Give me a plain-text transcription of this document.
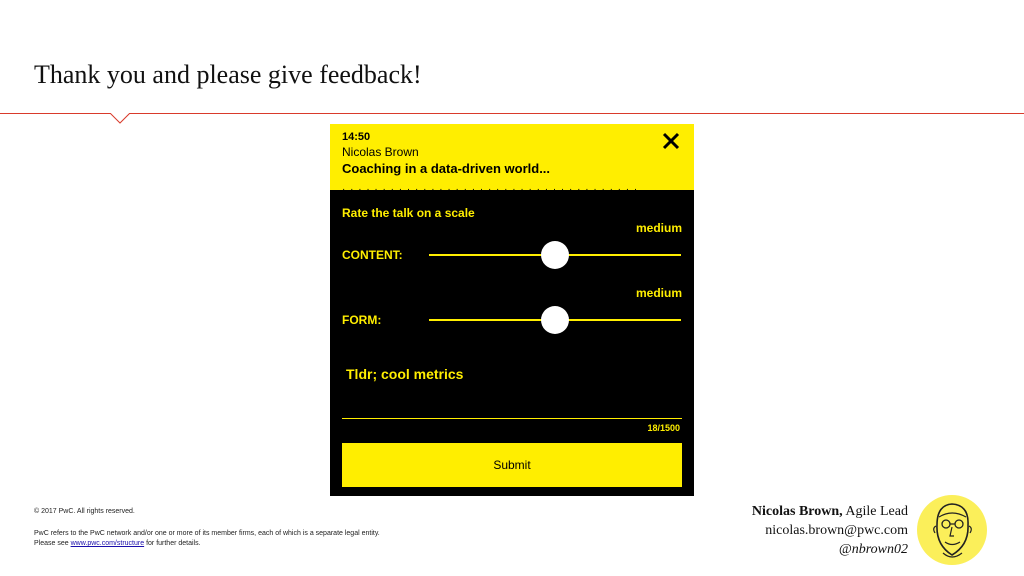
Thank you and please give feedback!
14:50
Nicolas Brown
Coaching in a data-driven world...
· · · · · · · · · · · · · · · · · · · · · · · · · · · · · · · · · · · · ·
Rate the talk on a scale
medium
CONTENT:
medium
FORM:
Tldr; cool metrics
18/1500
Submit
© 2017 PwC. All rights reserved.
PwC refers to the PwC network and/or one or more of its member firms, each of which is a separate legal entity.
Please see www.pwc.com/structure for further details.
Nicolas Brown, Agile Lead
nicolas.brown@pwc.com
@nbrown02
